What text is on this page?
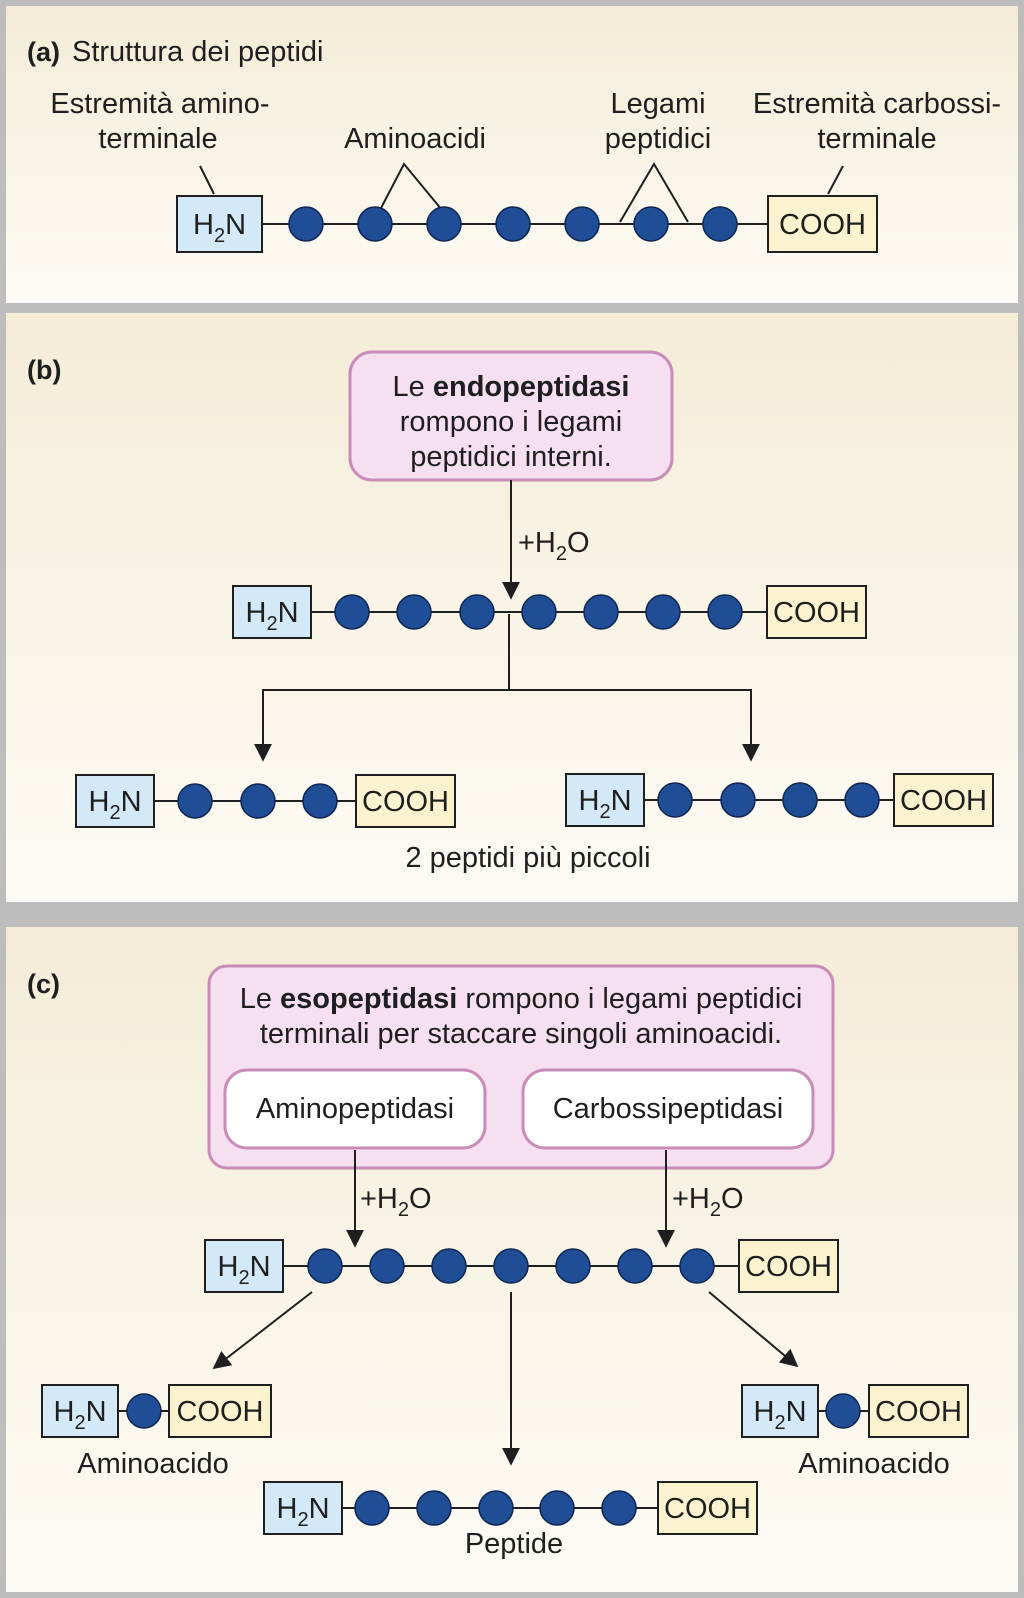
(a) Struttura dei peptidi
Estremità amino-
terminale	Aminoacidi
Legami
peptidici
Estremità carbossi-
terminale
$H_2N$	COOH
(b)
Le endopeptidasi
rompono i legami
peptidici interni.
$+H_2O$
$H_2N$	COOH
$H_2N$	COOH	$H_2N$	COOH
2 peptidi più piccoli
(c)	Le esopeptidasi rompono i legami peptidici
terminali per staccare singoli aminoacidi.
Aminopeptidasi	Carbossipeptidasi
$+H_2O$	$+H_2O$
$H_2N$	COOH
$H_2N$ COOH
Aminoacido
$H_2N$ COOH
Aminoacido
$H_2N$	COOH
Peptide
